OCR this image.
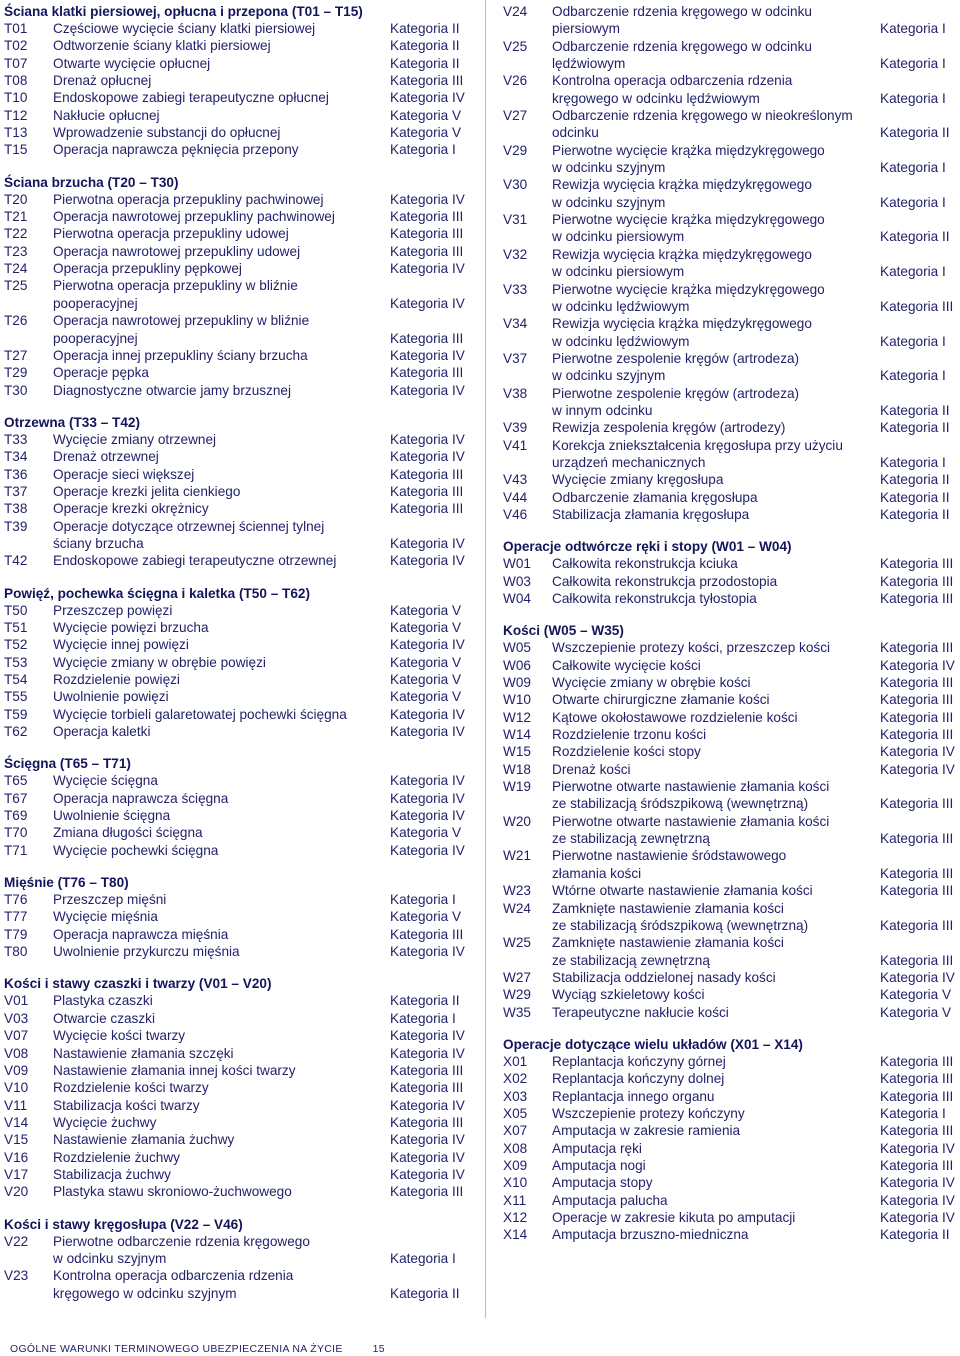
Ściana klatki piersiowej, opłucna i przepona (T01 – T15)
T01	Częściowe wycięcie ściany klatki piersiowej	Kategoria II
T02	Odtworzenie ściany klatki piersiowej	Kategoria II
T07	Otwarte wycięcie opłucnej	Kategoria II
T08	Drenaż opłucnej	Kategoria III
T10	Endoskopowe zabiegi terapeutyczne opłucnej	Kategoria IV
T12	Nakłucie opłucnej	Kategoria V
T13	Wprowadzenie substancji do opłucnej	Kategoria V
T15	Operacja naprawcza pęknięcia przepony	Kategoria I
Ściana brzucha (T20 – T30)
T20	Pierwotna operacja przepukliny pachwinowej	Kategoria IV
T21	Operacja nawrotowej przepukliny pachwinowej	Kategoria III
T22	Pierwotna operacja przepukliny udowej	Kategoria III
T23	Operacja nawrotowej przepukliny udowej	Kategoria III
T24	Operacja przepukliny pępkowej	Kategoria IV
T25	Pierwotna operacja przepukliny w bliźnie
pooperacyjnej	Kategoria IV
T26	Operacja nawrotowej przepukliny w bliźnie
pooperacyjnej	Kategoria III
T27	Operacja innej przepukliny ściany brzucha	Kategoria IV
T29	Operacje pępka	Kategoria III
T30	Diagnostyczne otwarcie jamy brzusznej	Kategoria IV
Otrzewna (T33 – T42)
T33	Wycięcie zmiany otrzewnej	Kategoria IV
T34	Drenaż otrzewnej	Kategoria IV
T36	Operacje sieci większej	Kategoria III
T37	Operacje krezki jelita cienkiego	Kategoria III
T38	Operacje krezki okrężnicy	Kategoria III
T39	Operacje dotyczące otrzewnej ściennej tylnej
ściany brzucha	Kategoria IV
T42	Endoskopowe zabiegi terapeutyczne otrzewnej	Kategoria IV
Powięź, pochewka ścięgna i kaletka (T50 – T62)
T50	Przeszczep powięzi	Kategoria V
T51	Wycięcie powięzi brzucha	Kategoria V
T52	Wycięcie innej powięzi	Kategoria IV
T53	Wycięcie zmiany w obrębie powięzi	Kategoria V
T54	Rozdzielenie powięzi	Kategoria V
T55	Uwolnienie powięzi	Kategoria V
T59	Wycięcie torbieli galaretowatej pochewki ścięgna	Kategoria IV
T62	Operacja kaletki	Kategoria IV
Ścięgna (T65 – T71)
T65	Wycięcie ścięgna	Kategoria IV
T67	Operacja naprawcza ścięgna	Kategoria IV
T69	Uwolnienie ścięgna	Kategoria IV
T70	Zmiana długości ścięgna	Kategoria V
T71	Wycięcie pochewki ścięgna	Kategoria IV
Mięśnie (T76 – T80)
T76	Przeszczep mięśni	Kategoria I
T77	Wycięcie mięśnia	Kategoria V
T79	Operacja naprawcza mięśnia	Kategoria III
T80	Uwolnienie przykurczu mięśnia	Kategoria IV
Kości i stawy czaszki i twarzy (V01 – V20)
V01	Plastyka czaszki	Kategoria II
V03	Otwarcie czaszki	Kategoria I
V07	Wycięcie kości twarzy	Kategoria IV
V08	Nastawienie złamania szczęki	Kategoria IV
V09	Nastawienie złamania innej kości twarzy	Kategoria III
V10	Rozdzielenie kości twarzy	Kategoria III
V11	Stabilizacja kości twarzy	Kategoria IV
V14	Wycięcie żuchwy	Kategoria III
V15	Nastawienie złamania żuchwy	Kategoria IV
V16	Rozdzielenie żuchwy	Kategoria IV
V17	Stabilizacja żuchwy	Kategoria IV
V20	Plastyka stawu skroniowo-żuchwowego	Kategoria III
Kości i stawy kręgosłupa (V22 – V46)
V22	Pierwotne odbarczenie rdzenia kręgowego
w odcinku szyjnym	Kategoria I
V23	Kontrolna operacja odbarczenia rdzenia
kręgowego w odcinku szyjnym	Kategoria II
V24	Odbarczenie rdzenia kręgowego w odcinku
piersiowym	Kategoria I
V25	Odbarczenie rdzenia kręgowego w odcinku
lędźwiowym	Kategoria I
V26	Kontrolna operacja odbarczenia rdzenia
kręgowego w odcinku lędźwiowym	Kategoria I
V27	Odbarczenie rdzenia kręgowego w nieokreślonym
odcinku	Kategoria II
V29	Pierwotne wycięcie krążka międzykręgowego
w odcinku szyjnym	Kategoria I
V30	Rewizja wycięcia krążka międzykręgowego
w odcinku szyjnym	Kategoria I
V31	Pierwotne wycięcie krążka międzykręgowego
w odcinku piersiowym	Kategoria II
V32	Rewizja wycięcia krążka międzykręgowego
w odcinku piersiowym	Kategoria I
V33	Pierwotne wycięcie krążka międzykręgowego
w odcinku lędźwiowym	Kategoria III
V34	Rewizja wycięcia krążka międzykręgowego
w odcinku lędźwiowym	Kategoria I
V37	Pierwotne zespolenie kręgów (artrodeza)
w odcinku szyjnym	Kategoria I
V38	Pierwotne zespolenie kręgów (artrodeza)
w innym odcinku	Kategoria II
V39	Rewizja zespolenia kręgów (artrodezy)	Kategoria II
V41	Korekcja zniekształcenia kręgosłupa przy użyciu
urządzeń mechanicznych	Kategoria I
V43	Wycięcie zmiany kręgosłupa	Kategoria II
V44	Odbarczenie złamania kręgosłupa	Kategoria II
V46	Stabilizacja złamania kręgosłupa	Kategoria II
Operacje odtwórcze ręki i stopy (W01 – W04)
W01	Całkowita rekonstrukcja kciuka	Kategoria III
W03	Całkowita rekonstrukcja przodostopia	Kategoria III
W04	Całkowita rekonstrukcja tyłostopia	Kategoria III
Kości (W05 – W35)
W05	Wszczepienie protezy kości, przeszczep kości	Kategoria III
W06	Całkowite wycięcie kości	Kategoria IV
W09	Wycięcie zmiany w obrębie kości	Kategoria III
W10	Otwarte chirurgiczne złamanie kości	Kategoria III
W12	Kątowe okołostawowe rozdzielenie kości	Kategoria III
W14	Rozdzielenie trzonu kości	Kategoria III
W15	Rozdzielenie kości stopy	Kategoria IV
W18	Drenaż kości	Kategoria IV
W19	Pierwotne otwarte nastawienie złamania kości
ze stabilizacją śródszpikową (wewnętrzną)	Kategoria III
W20	Pierwotne otwarte nastawienie złamania kości
ze stabilizacją zewnętrzną	Kategoria III
W21	Pierwotne nastawienie śródstawowego
złamania kości	Kategoria III
W23	Wtórne otwarte nastawienie złamania kości	Kategoria III
W24	Zamknięte nastawienie złamania kości
ze stabilizacją śródszpikową (wewnętrzną)	Kategoria III
W25	Zamknięte nastawienie złamania kości
ze stabilizacją zewnętrzną	Kategoria III
W27	Stabilizacja oddzielonej nasady kości	Kategoria IV
W29	Wyciąg szkieletowy kości	Kategoria V
W35	Terapeutyczne nakłucie kości	Kategoria V
Operacje dotyczące wielu układów (X01 – X14)
X01	Replantacja kończyny górnej	Kategoria III
X02	Replantacja kończyny dolnej	Kategoria III
X03	Replantacja innego organu	Kategoria III
X05	Wszczepienie protezy kończyny	Kategoria I
X07	Amputacja w zakresie ramienia	Kategoria III
X08	Amputacja ręki	Kategoria IV
X09	Amputacja nogi	Kategoria III
X10	Amputacja stopy	Kategoria IV
X11	Amputacja palucha	Kategoria IV
X12	Operacje w zakresie kikuta po amputacji	Kategoria IV
X14	Amputacja brzuszno-miedniczna	Kategoria II
OGÓLNE WARUNKI TERMINOWEGO UBEZPIECZENIA NA ŻYCIE	15
